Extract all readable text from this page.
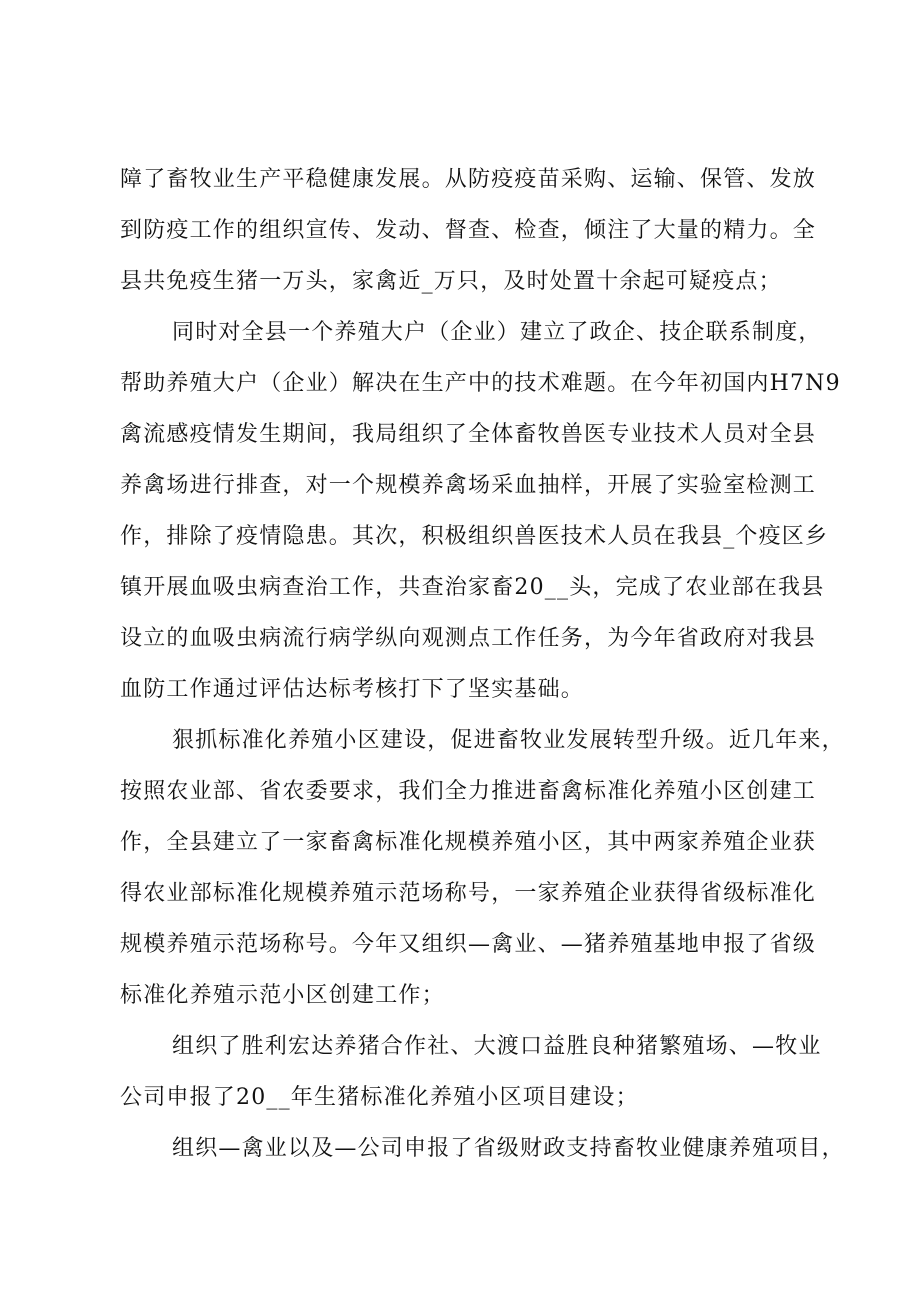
障了畜牧业生产平稳健康发展。从防疫疫苗采购、运输、保管、发放
到防疫工作的组织宣传、发动、督查、检查，倾注了大量的精力。全
县共免疫生猪一万头，家禽近_万只，及时处置十余起可疑疫点；
同时对全县一个养殖大户（企业）建立了政企、技企联系制度，
帮助养殖大户（企业）解决在生产中的技术难题。在今年初国内H7N9
禽流感疫情发生期间，我局组织了全体畜牧兽医专业技术人员对全县
养禽场进行排查，对一个规模养禽场采血抽样，开展了实验室检测工
作，排除了疫情隐患。其次，积极组织兽医技术人员在我县_个疫区乡
镇开展血吸虫病查治工作，共查治家畜20__头，完成了农业部在我县
设立的血吸虫病流行病学纵向观测点工作任务，为今年省政府对我县
血防工作通过评估达标考核打下了坚实基础。
狠抓标准化养殖小区建设，促进畜牧业发展转型升级。近几年来，
按照农业部、省农委要求，我们全力推进畜禽标准化养殖小区创建工
作，全县建立了一家畜禽标准化规模养殖小区，其中两家养殖企业获
得农业部标准化规模养殖示范场称号，一家养殖企业获得省级标准化
规模养殖示范场称号。今年又组织—禽业、—猪养殖基地申报了省级
标准化养殖示范小区创建工作；
组织了胜利宏达养猪合作社、大渡口益胜良种猪繁殖场、—牧业
公司申报了20__年生猪标准化养殖小区项目建设；
组织—禽业以及—公司申报了省级财政支持畜牧业健康养殖项目，
